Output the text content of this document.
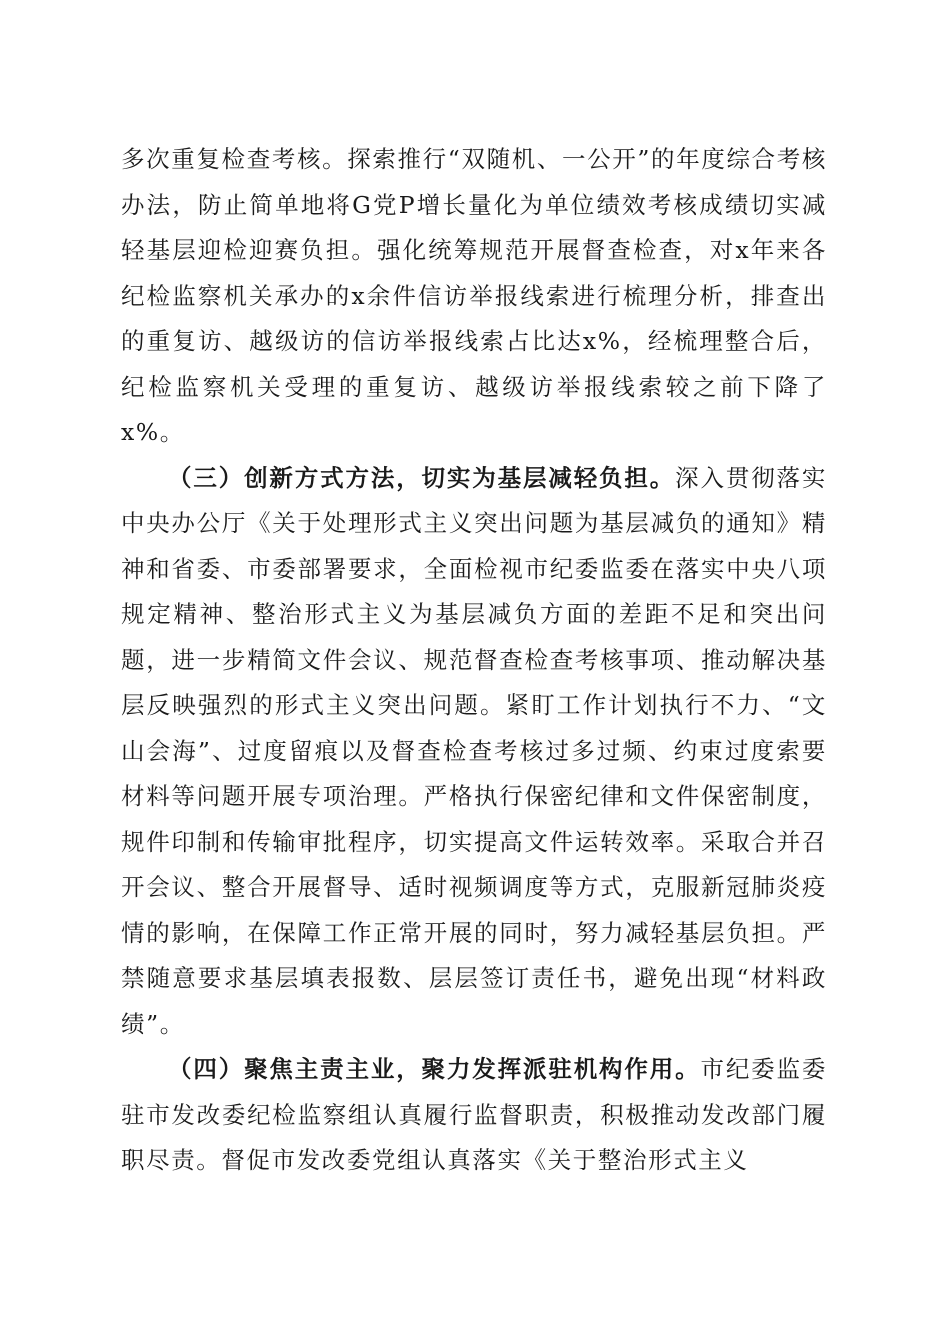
多次重复检查考核。探索推行“双随机、一公开”的年度综合考核办法，防止简单地将G党P增长量化为单位绩效考核成绩切实减轻基层迎检迎赛负担。强化统筹规范开展督查检查，对x年来各纪检监察机关承办的x余件信访举报线索进行梳理分析，排查出的重复访、越级访的信访举报线索占比达x%，经梳理整合后，纪检监察机关受理的重复访、越级访举报线索较之前下降了x%。

（三）创新方式方法，切实为基层减轻负担。深入贯彻落实中央办公厅《关于处理形式主义突出问题为基层减负的通知》精神和省委、市委部署要求，全面检视市纪委监委在落实中央八项规定精神、整治形式主义为基层减负方面的差距不足和突出问题，进一步精简文件会议、规范督查检查考核事项、推动解决基层反映强烈的形式主义突出问题。紧盯工作计划执行不力、“文山会海”、过度留痕以及督查检查考核过多过频、约束过度索要材料等问题开展专项治理。严格执行保密纪律和文件保密制度，规件印制和传输审批程序，切实提高文件运转效率。采取合并召开会议、整合开展督导、适时视频调度等方式，克服新冠肺炎疫情的影响，在保障工作正常开展的同时，努力减轻基层负担。严禁随意要求基层填表报数、层层签订责任书，避免出现“材料政绩”。

（四）聚焦主责主业，聚力发挥派驻机构作用。市纪委监委驻市发改委纪检监察组认真履行监督职责，积极推动发改部门履职尽责。督促市发改委党组认真落实《关于整治形式主义
